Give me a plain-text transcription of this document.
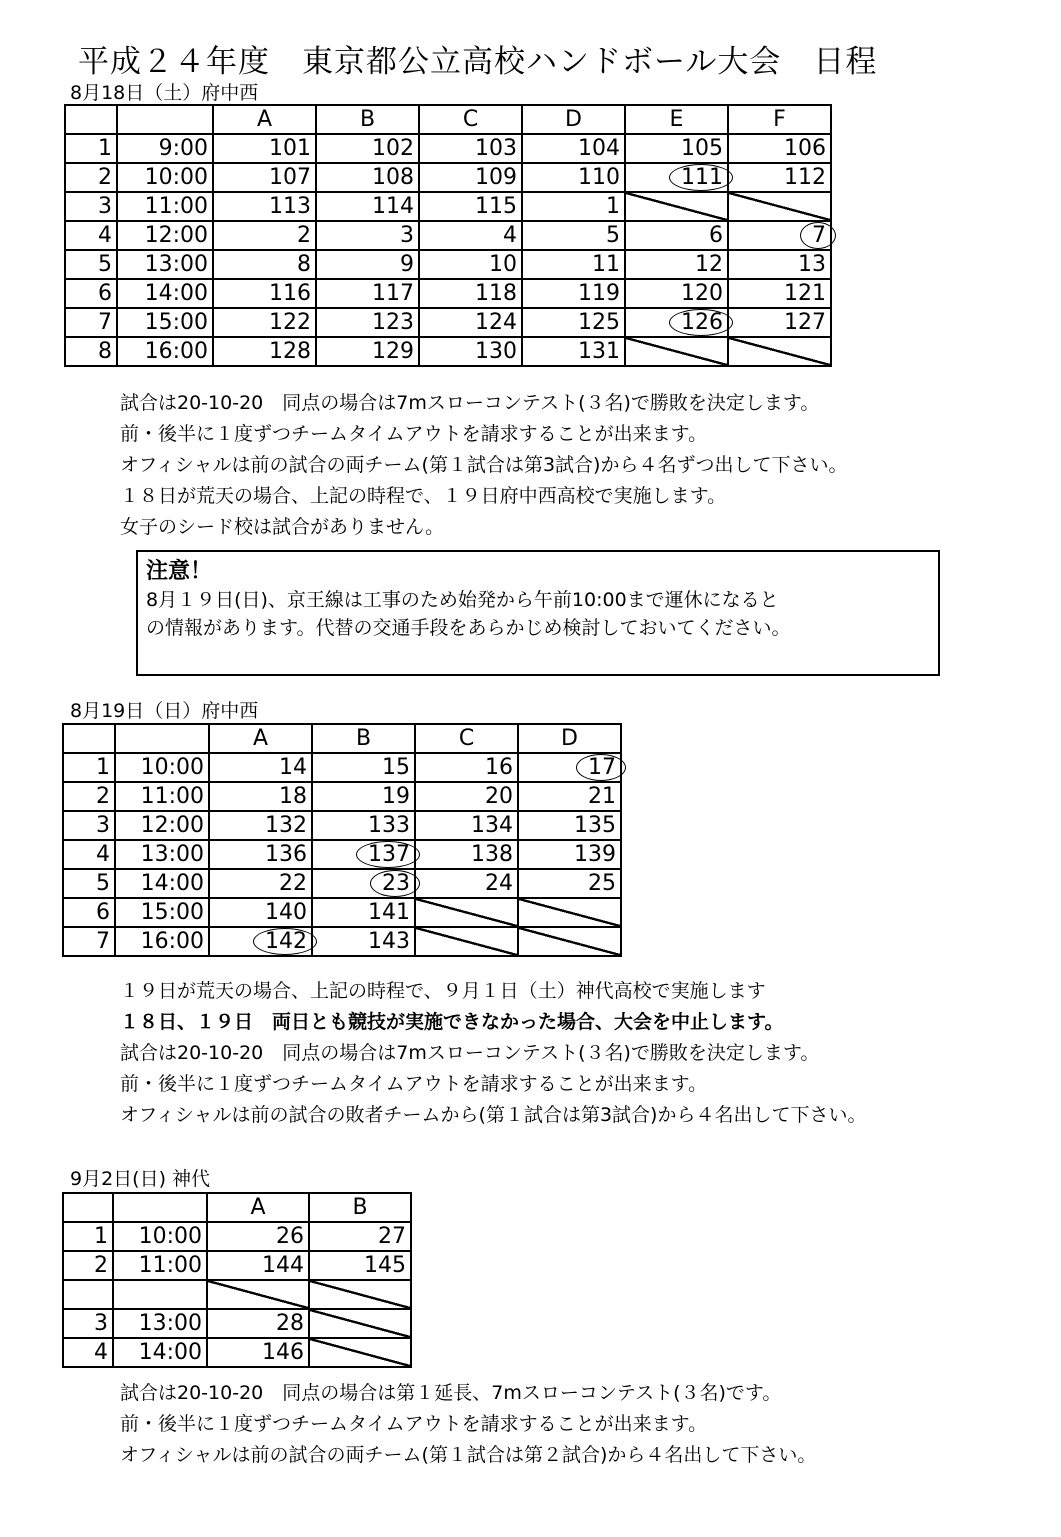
平成２４年度　東京都公立高校ハンドボール大会　日程
8月18日（土）府中西
		A	B	C	D	E	F
1	9:00	101	102	103	104	105	106
2	10:00	107	108	109	110	111	112
3	11:00	113	114	115	1		
4	12:00	2	3	4	5	6	7
5	13:00	8	9	10	11	12	13
6	14:00	116	117	118	119	120	121
7	15:00	122	123	124	125	126	127
8	16:00	128	129	130	131		
試合は20-10-20　同点の場合は7mスローコンテスト(３名)で勝敗を決定します。
前・後半に１度ずつチームタイムアウトを請求することが出来ます。
オフィシャルは前の試合の両チーム(第１試合は第3試合)から４名ずつ出して下さい。
１８日が荒天の場合、上記の時程で、１９日府中西高校で実施します。
女子のシード校は試合がありません。
注意！
8月１９日(日)、京王線は工事のため始発から午前10:00まで運休になると
の情報があります。代替の交通手段をあらかじめ検討しておいてください。
8月19日（日）府中西
		A	B	C	D
1	10:00	14	15	16	17
2	11:00	18	19	20	21
3	12:00	132	133	134	135
4	13:00	136	137	138	139
5	14:00	22	23	24	25
6	15:00	140	141		
7	16:00	142	143		
１９日が荒天の場合、上記の時程で、９月１日（土）神代高校で実施します
１８日、１９日　両日とも競技が実施できなかった場合、大会を中止します。
試合は20-10-20　同点の場合は7mスローコンテスト(３名)で勝敗を決定します。
前・後半に１度ずつチームタイムアウトを請求することが出来ます。
オフィシャルは前の試合の敗者チームから(第１試合は第3試合)から４名出して下さい。
9月2日(日) 神代
		A	B
1	10:00	26	27
2	11:00	144	145

3	13:00	28	
4	14:00	146	
試合は20-10-20　同点の場合は第１延長、7mスローコンテスト(３名)です。
前・後半に１度ずつチームタイムアウトを請求することが出来ます。
オフィシャルは前の試合の両チーム(第１試合は第２試合)から４名出して下さい。
